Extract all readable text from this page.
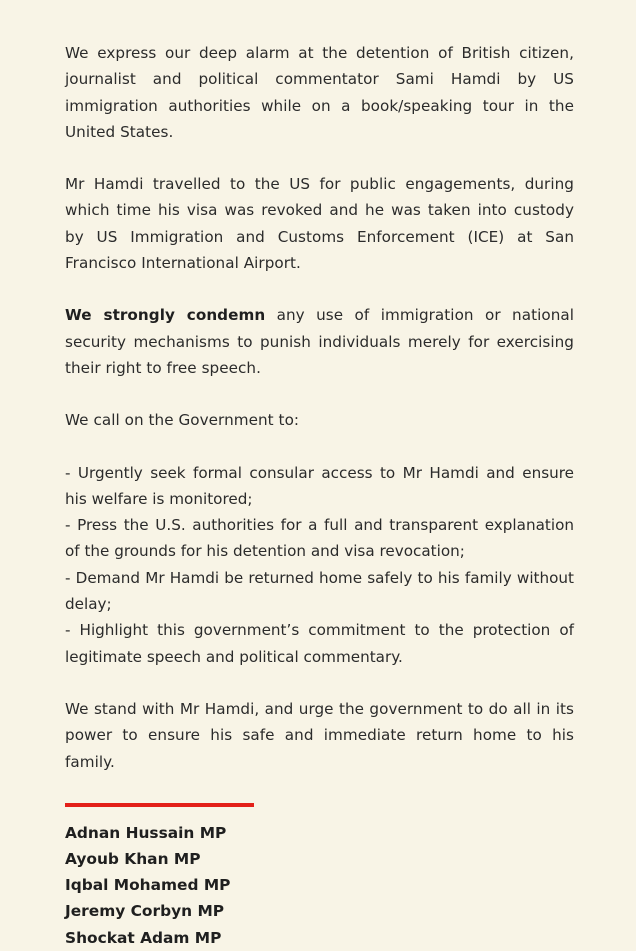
We express our deep alarm at the detention of British citizen, journalist and political commentator Sami Hamdi by US immigration authorities while on a book/speaking tour in the United States.

Mr Hamdi travelled to the US for public engagements, during which time his visa was revoked and he was taken into custody by US Immigration and Customs Enforcement (ICE) at San Francisco International Airport.

We strongly condemn any use of immigration or national security mechanisms to punish individuals merely for exercising their right to free speech.

We call on the Government to:

- Urgently seek formal consular access to Mr Hamdi and ensure his welfare is monitored;

- Press the U.S. authorities for a full and transparent explanation of the grounds for his detention and visa revocation;

- Demand Mr Hamdi be returned home safely to his family without delay;

- Highlight this government’s commitment to the protection of legitimate speech and political commentary.

We stand with Mr Hamdi, and urge the government to do all in its power to ensure his safe and immediate return home to his family.

Adnan Hussain MP
Ayoub Khan MP
Iqbal Mohamed MP
Jeremy Corbyn MP
Shockat Adam MP
